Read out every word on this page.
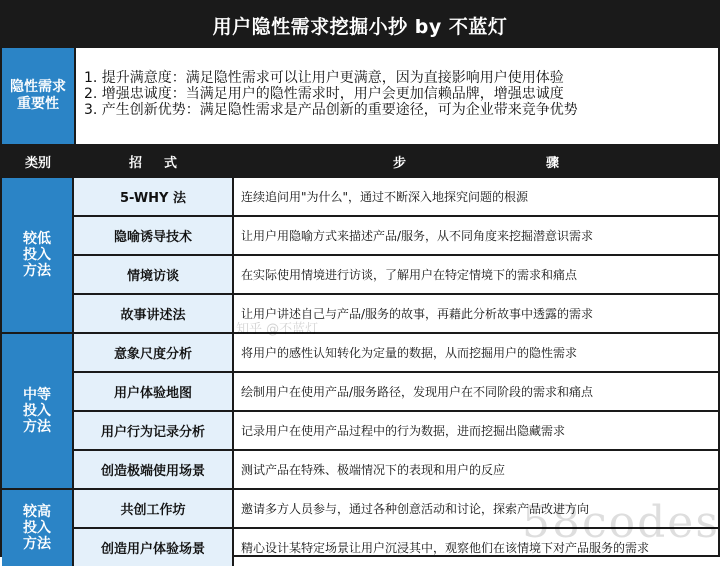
用户隐性需求挖掘小抄 by 不蓝灯
隐性需求
重要性
1. 提升满意度：满足隐性需求可以让用户更满意，因为直接影响用户使用体验
2. 增强忠诚度：当满足用户的隐性需求时，用户会更加信赖品牌，增强忠诚度
3. 产生创新优势：满足隐性需求是产品创新的重要途径，可为企业带来竞争优势
类别	招式	步骤
较低
投入
方法
5-WHY 法	连续追问用"为什么"，通过不断深入地探究问题的根源
隐喻诱导技术	让用户用隐喻方式来描述产品/服务，从不同角度来挖掘潜意识需求
情境访谈	在实际使用情境进行访谈，了解用户在特定情境下的需求和痛点
故事讲述法	让用户讲述自己与产品/服务的故事，再藉此分析故事中透露的需求
中等
投入
方法
意象尺度分析	将用户的感性认知转化为定量的数据，从而挖掘用户的隐性需求
用户体验地图	绘制用户在使用产品/服务路径，发现用户在不同阶段的需求和痛点
用户行为记录分析	记录用户在使用产品过程中的行为数据，进而挖掘出隐藏需求
创造极端使用场景	测试产品在特殊、极端情况下的表现和用户的反应
较高
投入
方法
共创工作坊	邀请多方人员参与，通过各种创意活动和讨论，探索产品改进方向
创造用户体验场景	精心设计某特定场景让用户沉浸其中，观察他们在该情境下对产品服务的需求
知乎 @不蓝灯
58codes
